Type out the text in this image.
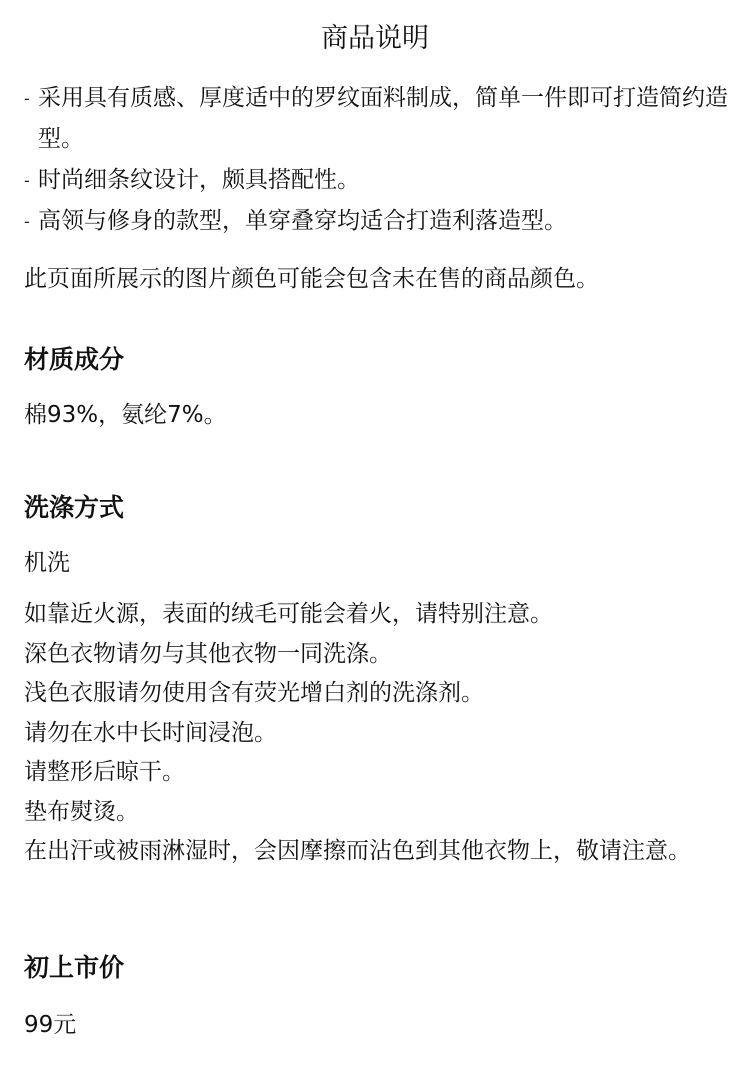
商品说明
- 采用具有质感、厚度适中的罗纹面料制成，简单一件即可打造简约造型。
- 时尚细条纹设计，颇具搭配性。
- 高领与修身的款型，单穿叠穿均适合打造利落造型。
此页面所展示的图片颜色可能会包含未在售的商品颜色。
材质成分
棉93%，氨纶7%。
洗涤方式
机洗
如靠近火源，表面的绒毛可能会着火，请特别注意。
深色衣物请勿与其他衣物一同洗涤。
浅色衣服请勿使用含有荧光增白剂的洗涤剂。
请勿在水中长时间浸泡。
请整形后晾干。
垫布熨烫。
在出汗或被雨淋湿时，会因摩擦而沾色到其他衣物上，敬请注意。
初上市价
99元
